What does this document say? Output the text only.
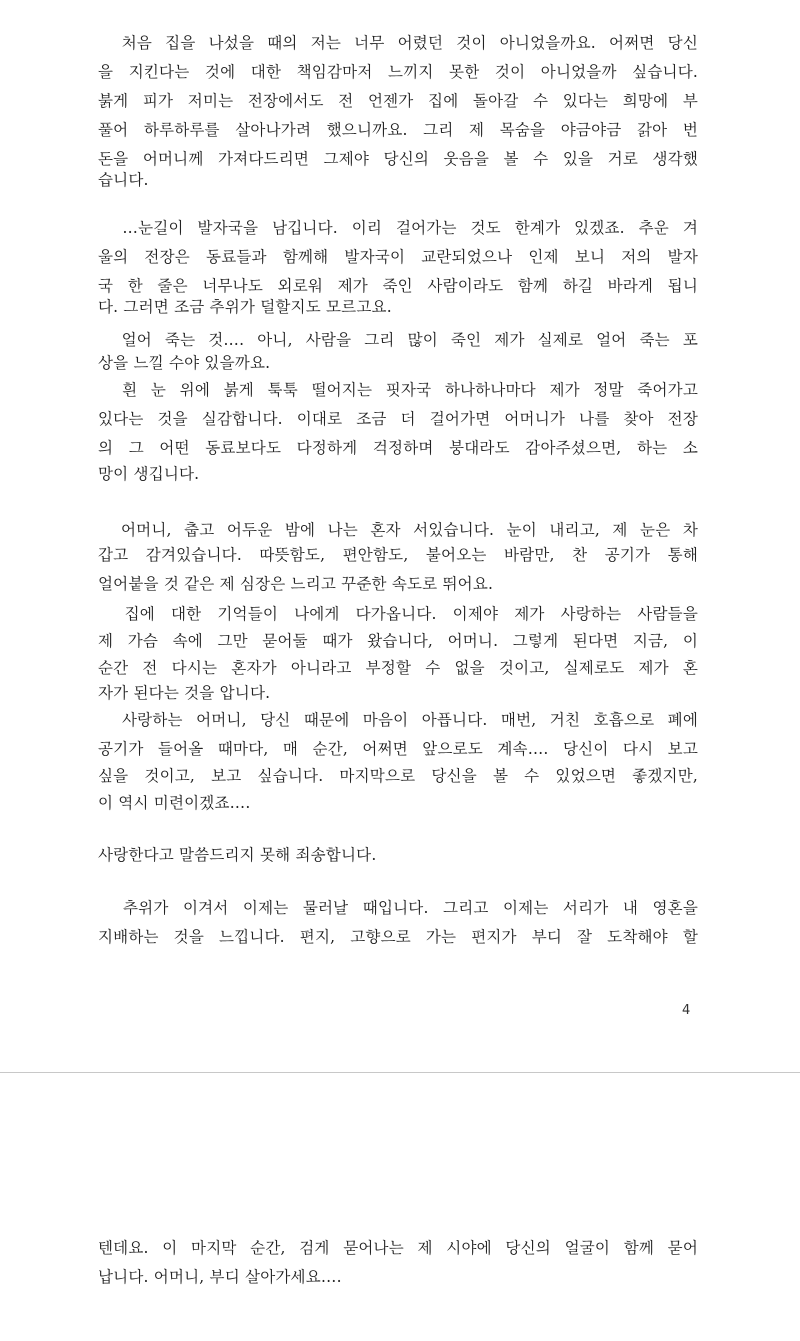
　처음 집을 나섰을 때의 저는 너무 어렸던 것이 아니었을까요. 어쩌면 당신
을 지킨다는 것에 대한 책임감마저 느끼지 못한 것이 아니었을까 싶습니다.
붉게 피가 저미는 전장에서도 전 언젠가 집에 돌아갈 수 있다는 희망에 부
풀어 하루하루를 살아나가려 했으니까요. 그리 제 목숨을 야금야금 갉아 번
돈을 어머니께 가져다드리면 그제야 당신의 웃음을 볼 수 있을 거로 생각했
습니다.
　…눈길이 발자국을 남깁니다. 이리 걸어가는 것도 한계가 있겠죠. 추운 겨
울의 전장은 동료들과 함께해 발자국이 교란되었으나 인제 보니 저의 발자
국 한 줄은 너무나도 외로워 제가 죽인 사람이라도 함께 하길 바라게 됩니
다. 그러면 조금 추위가 덜할지도 모르고요.
　얼어 죽는 것…. 아니, 사람을 그리 많이 죽인 제가 실제로 얼어 죽는 포
상을 느낄 수야 있을까요.
　흰 눈 위에 붉게 툭툭 떨어지는 핏자국 하나하나마다 제가 정말 죽어가고
있다는 것을 실감합니다. 이대로 조금 더 걸어가면 어머니가 나를 찾아 전장
의 그 어떤 동료보다도 다정하게 걱정하며 붕대라도 감아주셨으면, 하는 소
망이 생깁니다.
　어머니, 춥고 어두운 밤에 나는 혼자 서있습니다. 눈이 내리고, 제 눈은 차
갑고 감겨있습니다. 따뜻함도, 편안함도, 불어오는 바람만, 찬 공기가 통해
얼어붙을 것 같은 제 심장은 느리고 꾸준한 속도로 뛰어요.
　집에 대한 기억들이 나에게 다가옵니다. 이제야 제가 사랑하는 사람들을
제 가슴 속에 그만 묻어둘 때가 왔습니다, 어머니. 그렇게 된다면 지금, 이
순간 전 다시는 혼자가 아니라고 부정할 수 없을 것이고, 실제로도 제가 혼
자가 된다는 것을 압니다.
　사랑하는 어머니, 당신 때문에 마음이 아픕니다. 매번, 거친 호흡으로 폐에
공기가 들어올 때마다, 매 순간, 어쩌면 앞으로도 계속…. 당신이 다시 보고
싶을 것이고, 보고 싶습니다. 마지막으로 당신을 볼 수 있었으면 좋겠지만,
이 역시 미련이겠죠….
사랑한다고 말씀드리지 못해 죄송합니다.
　추위가 이겨서 이제는 물러날 때입니다. 그리고 이제는 서리가 내 영혼을
지배하는 것을 느낍니다. 편지, 고향으로 가는 편지가 부디 잘 도착해야 할
4
텐데요. 이 마지막 순간, 검게 묻어나는 제 시야에 당신의 얼굴이 함께 묻어
납니다. 어머니, 부디 살아가세요….
